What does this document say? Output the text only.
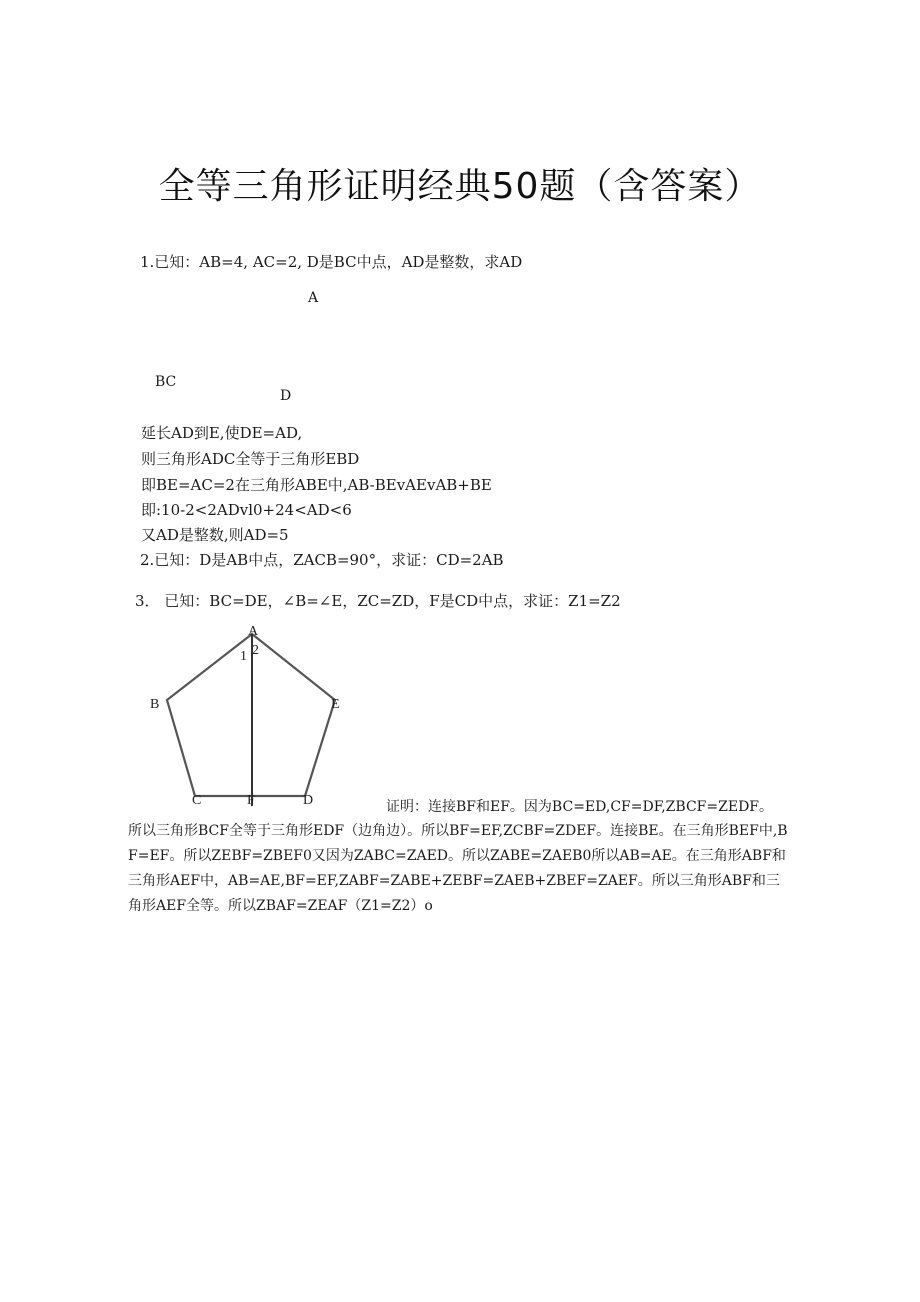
全等三角形证明经典50题（含答案）
1.已知：AB=4, AC=2, D是BC中点，AD是整数，求AD
A
BC
D
延长AD到E,使DE=AD,
则三角形ADC全等于三角形EBD
即BE=AC=2在三角形ABE中,AB-BEvAEvAB+BE
即:10-2<2ADvl0+24<AD<6
又AD是整数,则AD=5
2.已知：D是AB中点，ZACB=90°，求证：CD=2AB
3． 已知：BC=DE，∠B=∠E，ZC=ZD，F是CD中点，求证：Z1=Z2
A
1 2
B	E
C	F	D	证明：连接BF和EF。因为BC=ED,CF=DF,ZBCF=ZEDF。
所以三角形BCF全等于三角形EDF（边角边）。所以BF=EF,ZCBF=ZDEF。连接BE。在三角形BEF中,BF=EF。所以ZEBF=ZBEF0又因为ZABC=ZAED。所以ZABE=ZAEB0所以AB=AE。在三角形ABF和三角形AEF中，AB=AE,BF=EF,ZABF=ZABE+ZEBF=ZAEB+ZBEF=ZAEF。所以三角形ABF和三角形AEF全等。所以ZBAF=ZEAF（Z1=Z2）o
